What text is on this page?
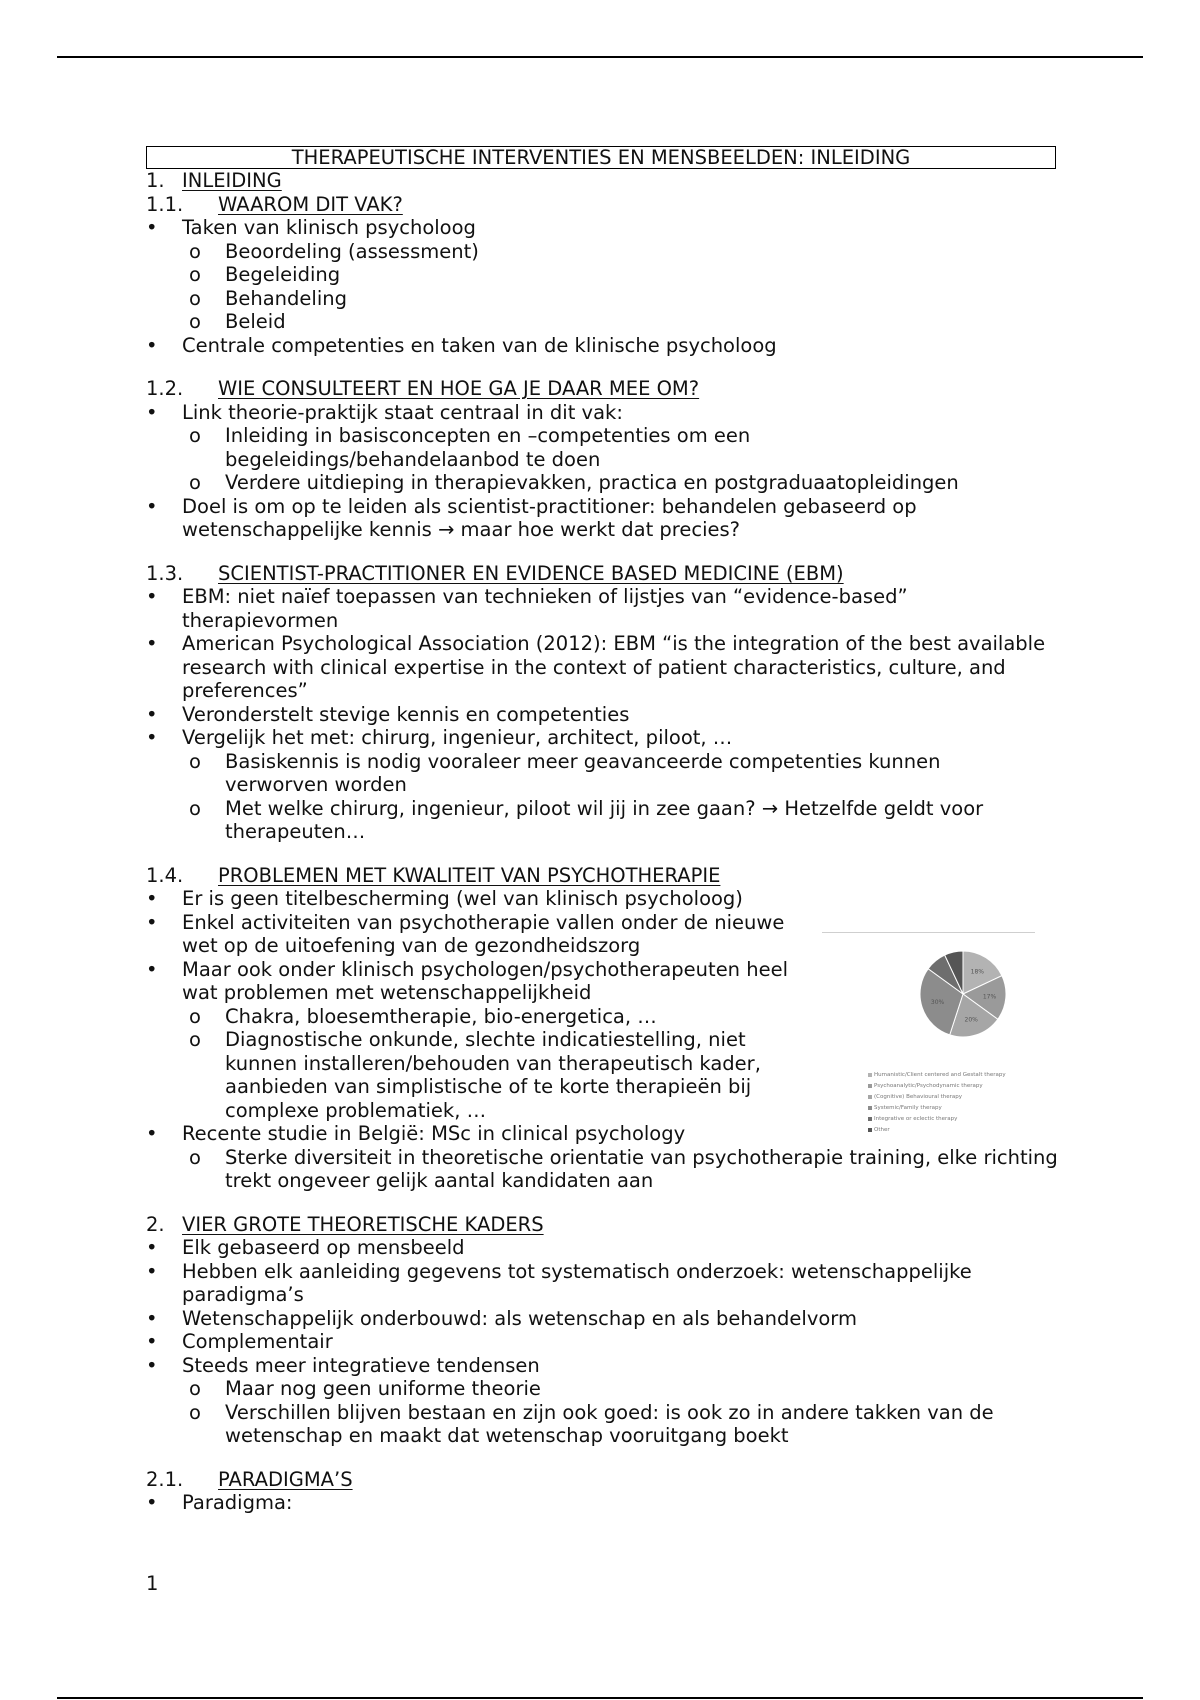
THERAPEUTISCHE INTERVENTIES EN MENSBEELDEN: INLEIDING
1. INLEIDING
1.1. WAAROM DIT VAK?
• Taken van klinisch psycholoog
o Beoordeling (assessment)
o Begeleiding
o Behandeling
o Beleid
• Centrale competenties en taken van de klinische psycholoog
1.2. WIE CONSULTEERT EN HOE GA JE DAAR MEE OM?
• Link theorie-praktijk staat centraal in dit vak:
o Inleiding in basisconcepten en –competenties om een begeleidings/behandelaanbod te doen
o Verdere uitdieping in therapievakken, practica en postgraduaatopleidingen
• Doel is om op te leiden als scientist-practitioner: behandelen gebaseerd op wetenschappelijke kennis → maar hoe werkt dat precies?
1.3. SCIENTIST-PRACTITIONER EN EVIDENCE BASED MEDICINE (EBM)
• EBM: niet naïef toepassen van technieken of lijstjes van “evidence-based” therapievormen
• American Psychological Association (2012): EBM “is the integration of the best available research with clinical expertise in the context of patient characteristics, culture, and preferences”
• Veronderstelt stevige kennis en competenties
• Vergelijk het met: chirurg, ingenieur, architect, piloot, …
o Basiskennis is nodig vooraleer meer geavanceerde competenties kunnen verworven worden
o Met welke chirurg, ingenieur, piloot wil jij in zee gaan? → Hetzelfde geldt voor therapeuten…
1.4. PROBLEMEN MET KWALITEIT VAN PSYCHOTHERAPIE
• Er is geen titelbescherming (wel van klinisch psycholoog)
• Enkel activiteiten van psychotherapie vallen onder de nieuwe wet op de uitoefening van de gezondheidszorg
• Maar ook onder klinisch psychologen/psychotherapeuten heel wat problemen met wetenschappelijkheid
o Chakra, bloesemtherapie, bio-energetica, …
o Diagnostische onkunde, slechte indicatiestelling, niet kunnen installeren/behouden van therapeutisch kader, aanbieden van simplistische of te korte therapieën bij complexe problematiek, …
• Recente studie in België: MSc in clinical psychology
o Sterke diversiteit in theoretische orientatie van psychotherapie training, elke richting trekt ongeveer gelijk aantal kandidaten aan
2. VIER GROTE THEORETISCHE KADERS
• Elk gebaseerd op mensbeeld
• Hebben elk aanleiding gegevens tot systematisch onderzoek: wetenschappelijke paradigma’s
• Wetenschappelijk onderbouwd: als wetenschap en als behandelvorm
• Complementair
• Steeds meer integratieve tendensen
o Maar nog geen uniforme theorie
o Verschillen blijven bestaan en zijn ook goed: is ook zo in andere takken van de wetenschap en maakt dat wetenschap vooruitgang boekt
2.1. PARADIGMA’S
• Paradigma:
18%
17%
20%
30%
Humanistic/Client centered and Gestalt therapy
Psychoanalytic/Psychodynamic therapy
(Cognitive) Behavioural therapy
Systemic/Family therapy
Integrative or eclectic therapy
Other
1
